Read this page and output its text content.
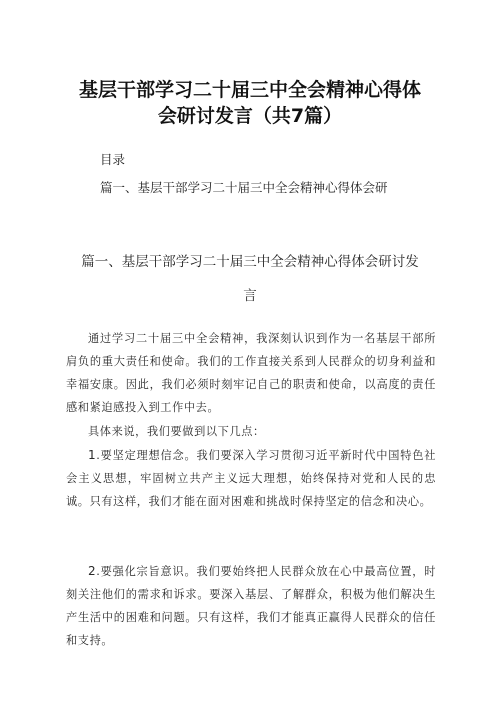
基层干部学习二十届三中全会精神心得体
会研讨发言（共7篇）
目录
篇一、基层干部学习二十届三中全会精神心得体会研
篇一、基层干部学习二十届三中全会精神心得体会研讨发
言

通过学习二十届三中全会精神，我深刻认识到作为一名基层干部所肩负的重大责任和使命。我们的工作直接关系到人民群众的切身利益和幸福安康。因此，我们必须时刻牢记自己的职责和使命，以高度的责任感和紧迫感投入到工作中去。

具体来说，我们要做到以下几点：

1.要坚定理想信念。我们要深入学习贯彻习近平新时代中国特色社会主义思想，牢固树立共产主义远大理想，始终保持对党和人民的忠诚。只有这样，我们才能在面对困难和挑战时保持坚定的信念和决心。

2.要强化宗旨意识。我们要始终把人民群众放在心中最高位置，时刻关注他们的需求和诉求。要深入基层、了解群众，积极为他们解决生产生活中的困难和问题。只有这样，我们才能真正赢得人民群众的信任和支持。
